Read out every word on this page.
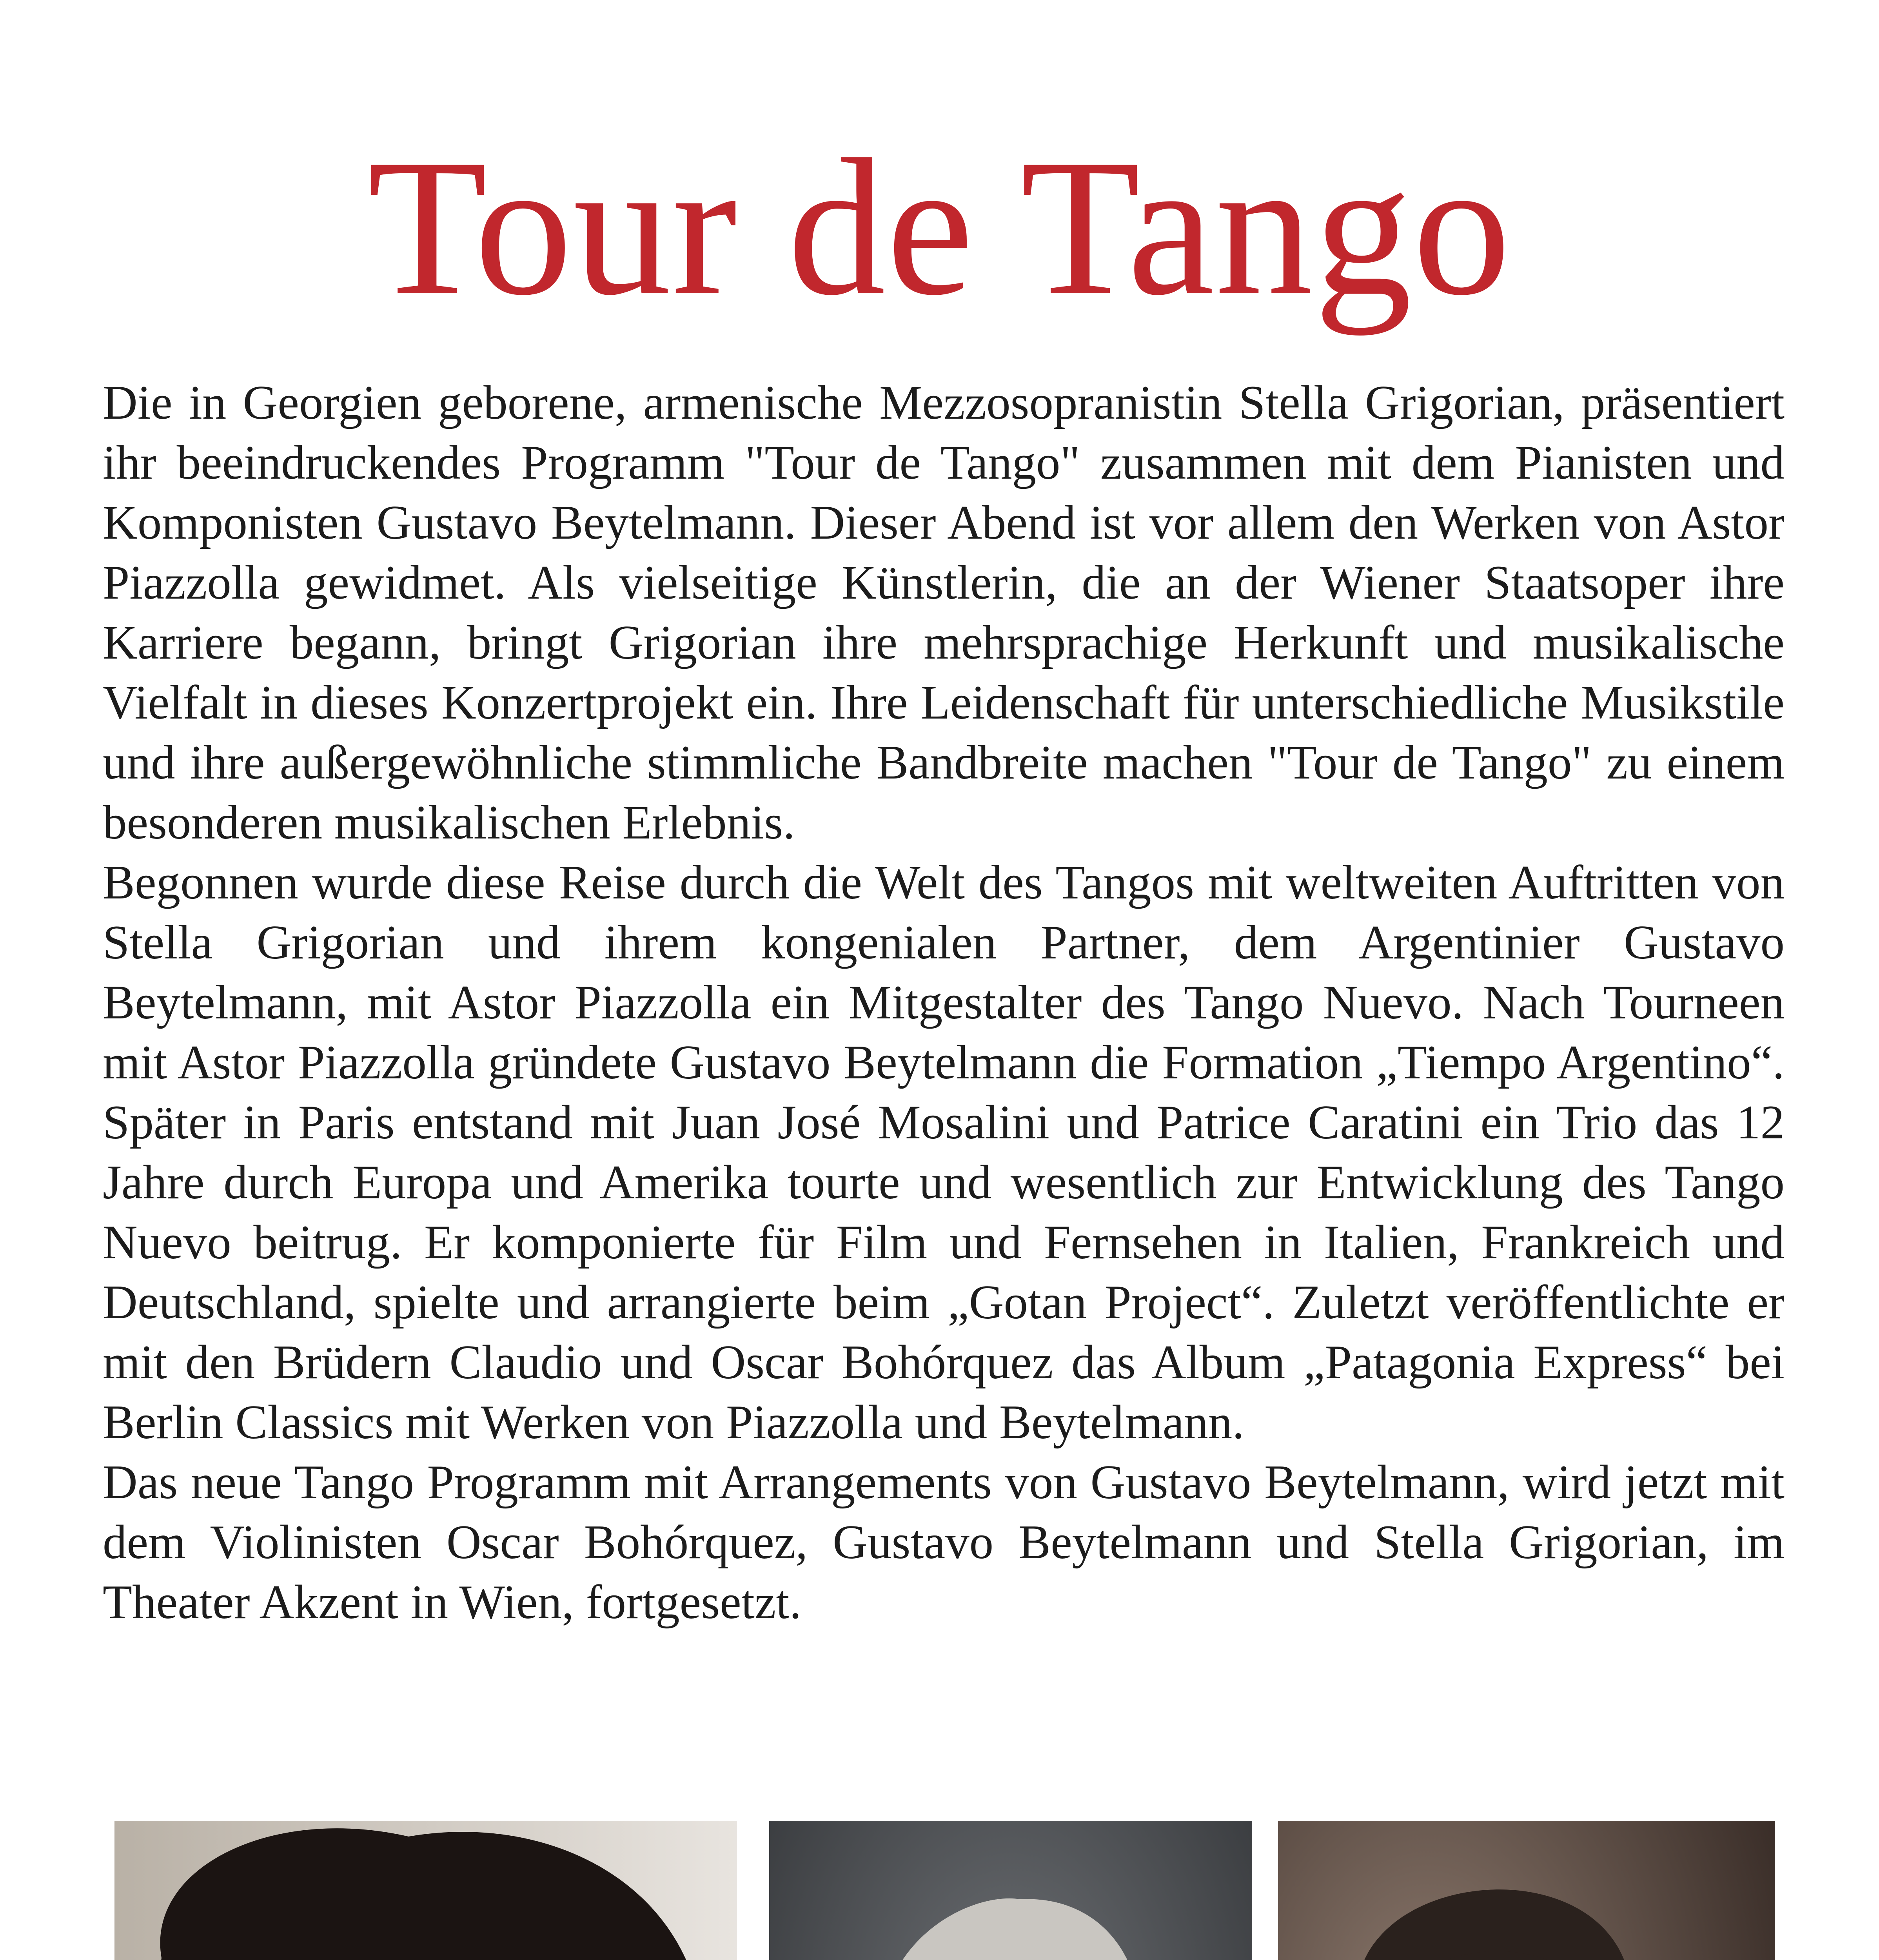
Tour de Tango

Die in Georgien geborene, armenische Mezzosopranistin Stella Grigorian, präsentiert ihr beeindruckendes Programm "Tour de Tango" zusammen mit dem Pianisten und Komponisten Gustavo Beytelmann. Dieser Abend ist vor allem den Werken von Astor Piazzolla gewidmet. Als vielseitige Künstlerin, die an der Wiener Staatsoper ihre Karriere begann, bringt Grigorian ihre mehrsprachige Herkunft und musikalische Vielfalt in dieses Konzertprojekt ein. Ihre Leidenschaft für unterschiedliche Musikstile und ihre außergewöhnliche stimmliche Bandbreite machen "Tour de Tango" zu einem besonderen musikalischen Erlebnis.

Begonnen wurde diese Reise durch die Welt des Tangos mit weltweiten Auftritten von Stella Grigorian und ihrem kongenialen Partner, dem Argentinier Gustavo Beytelmann, mit Astor Piazzolla ein Mitgestalter des Tango Nuevo. Nach Tourneen mit Astor Piazzolla gründete Gustavo Beytelmann die Formation „Tiempo Argentino“. Später in Paris entstand mit Juan José Mosalini und Patrice Caratini ein Trio das 12 Jahre durch Europa und Amerika tourte und wesentlich zur Entwicklung des Tango Nuevo beitrug. Er komponierte für Film und Fernsehen in Italien, Frankreich und Deutschland, spielte und arrangierte beim „Gotan Project“. Zuletzt veröffentlichte er mit den Brüdern Claudio und Oscar Bohórquez das Album „Patagonia Express“ bei Berlin Classics mit Werken von Piazzolla und Beytelmann.

Das neue Tango Programm mit Arrangements von Gustavo Beytelmann, wird jetzt mit dem Violinisten Oscar Bohórquez, Gustavo Beytelmann und Stella Grigorian, im Theater Akzent in Wien, fortgesetzt.
